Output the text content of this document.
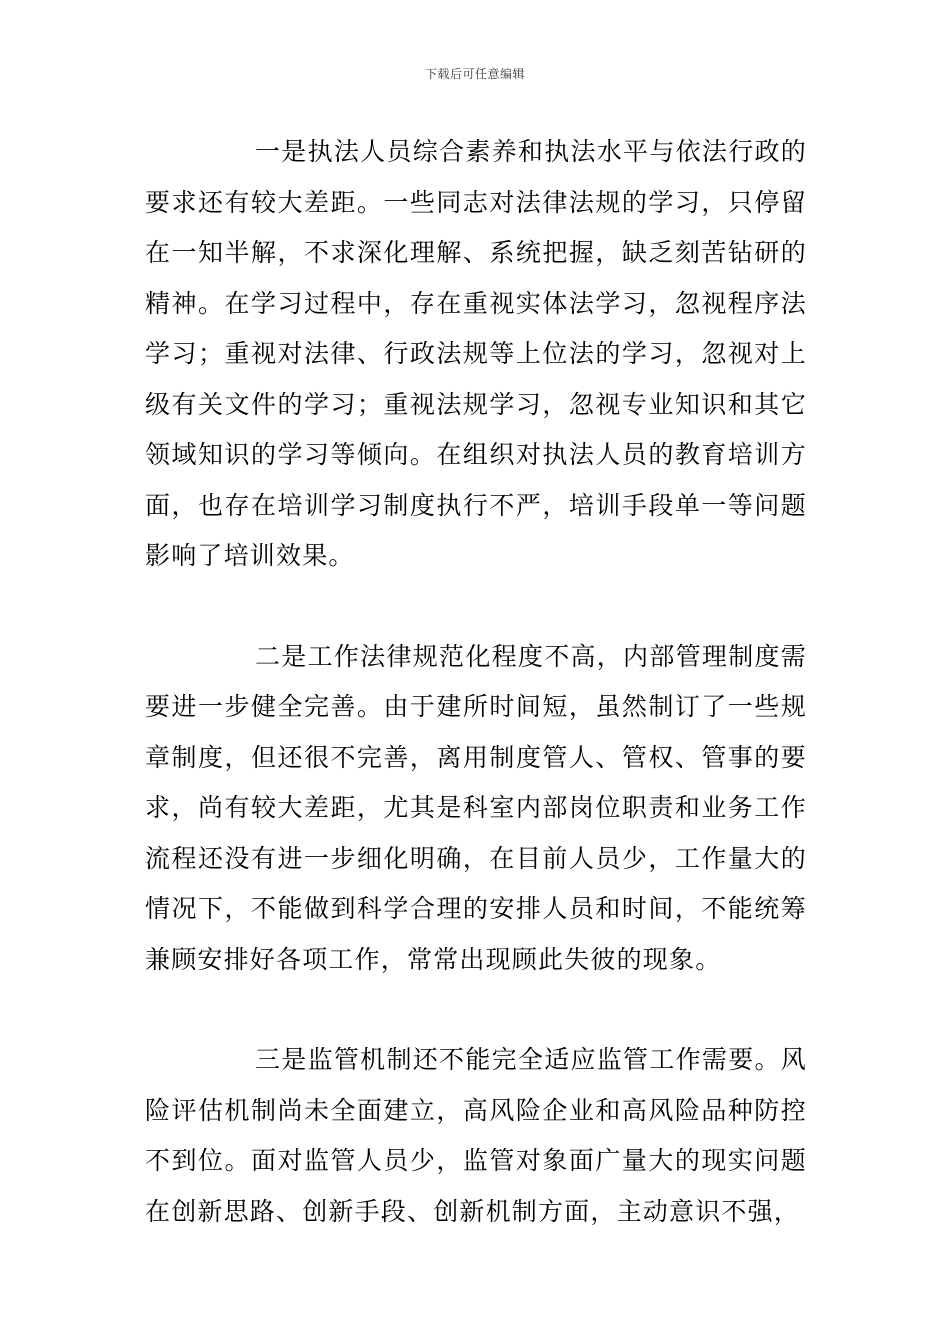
下载后可任意编辑

一是执法人员综合素养和执法水平与依法行政的要求还有较大差距。一些同志对法律法规的学习，只停留在一知半解，不求深化理解、系统把握，缺乏刻苦钻研的精神。在学习过程中，存在重视实体法学习，忽视程序法学习；重视对法律、行政法规等上位法的学习，忽视对上级有关文件的学习；重视法规学习，忽视专业知识和其它领域知识的学习等倾向。在组织对执法人员的教育培训方面，也存在培训学习制度执行不严，培训手段单一等问题影响了培训效果。

二是工作法律规范化程度不高，内部管理制度需要进一步健全完善。由于建所时间短，虽然制订了一些规章制度，但还很不完善，离用制度管人、管权、管事的要求，尚有较大差距，尤其是科室内部岗位职责和业务工作流程还没有进一步细化明确，在目前人员少，工作量大的情况下，不能做到科学合理的安排人员和时间，不能统筹兼顾安排好各项工作，常常出现顾此失彼的现象。

三是监管机制还不能完全适应监管工作需要。风险评估机制尚未全面建立，高风险企业和高风险品种防控不到位。面对监管人员少，监管对象面广量大的现实问题在创新思路、创新手段、创新机制方面，主动意识不强，
